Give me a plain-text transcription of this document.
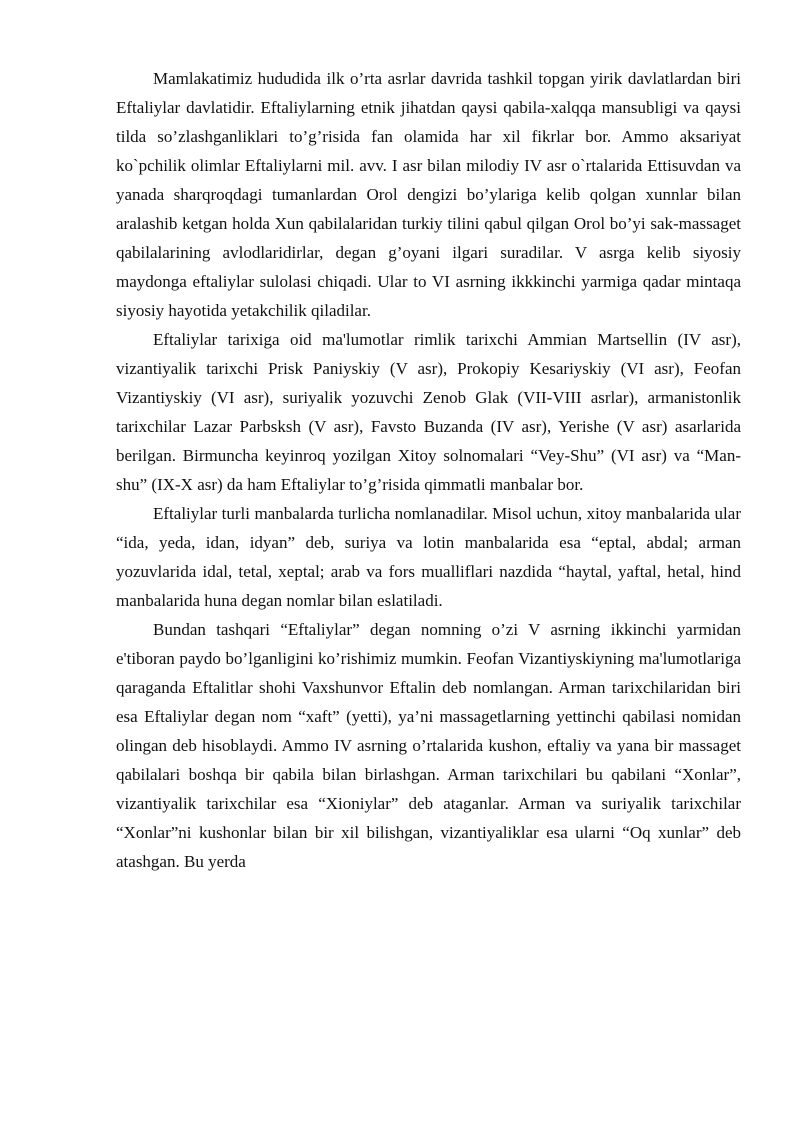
Mamlakatimiz hududida ilk o’rta asrlar davrida tashkil topgan yirik davlatlardan biri Eftaliylar davlatidir. Eftaliylarning etnik jihatdan qaysi qabila-xalqqa mansubligi va qaysi tilda so’zlashganliklari to’g’risida fan olamida har xil fikrlar bor. Ammo aksariyat ko`pchilik olimlar Eftaliylarni mil. avv. I asr bilan milodiy IV asr o`rtalarida Ettisuvdan va yanada sharqroqdagi tumanlardan Orol dengizi bo’ylariga kelib qolgan xunnlar bilan aralashib ketgan holda Xun qabilalaridan turkiy tilini qabul qilgan Orol bo’yi sak-massaget qabilalarining avlodlaridirlar, degan g’oyani ilgari suradilar. V asrga kelib siyosiy maydonga eftaliylar sulolasi chiqadi. Ular to VI asrning ikkkinchi yarmiga qadar mintaqa siyosiy hayotida yetakchilik qiladilar.

Eftaliylar tarixiga oid ma'lumotlar rimlik tarixchi Ammian Martsellin (IV asr), vizantiyalik tarixchi Prisk Paniyskiy (V asr), Prokopiy Kesariyskiy (VI asr), Feofan Vizantiyskiy (VI asr), suriyalik yozuvchi Zenob Glak (VII-VIII asrlar), armanistonlik tarixchilar Lazar Parbsksh (V asr), Favsto Buzanda (IV asr), Yerishe (V asr) asarlarida berilgan. Birmuncha keyinroq yozilgan Xitoy solnomalari “Vey-Shu” (VI asr) va “Man-shu” (IX-X asr) da ham Eftaliylar to’g’risida qimmatli manbalar bor.

Eftaliylar turli manbalarda turlicha nomlanadilar. Misol uchun, xitoy manbalarida ular “ida, yeda, idan, idyan” deb, suriya va lotin manbalarida esa “eptal, abdal; arman yozuvlarida idal, tetal, xeptal; arab va fors mualliflari nazdida “haytal, yaftal, hetal, hind manbalarida huna degan nomlar bilan eslatiladi.

Bundan tashqari “Eftaliylar” degan nomning o’zi V asrning ikkinchi yarmidan e'tiboran paydo bo’lganligini ko’rishimiz mumkin. Feofan Vizantiyskiyning ma'lumotlariga qaraganda Eftalitlar shohi Vaxshunvor Eftalin deb nomlangan. Arman tarixchilaridan biri esa Eftaliylar degan nom “xaft” (yetti), ya’ni massagetlarning yettinchi qabilasi nomidan olingan deb hisoblaydi. Ammo IV asrning o’rtalarida kushon, eftaliy va yana bir massaget qabilalari boshqa bir qabila bilan birlashgan. Arman tarixchilari bu qabilani “Xonlar”, vizantiyalik tarixchilar esa “Xioniylar” deb ataganlar. Arman va suriyalik tarixchilar “Xonlar”ni kushonlar bilan bir xil bilishgan, vizantiyaliklar esa ularni “Oq xunlar” deb atashgan. Bu yerda
